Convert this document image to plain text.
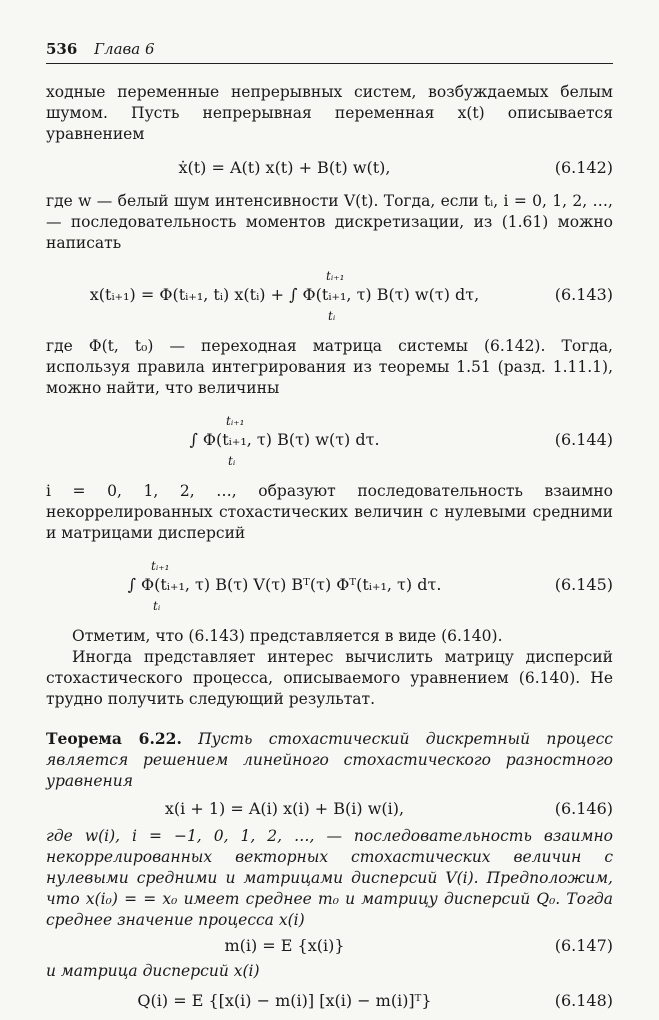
536 Глава 6

ходные переменные непрерывных систем, возбуждаемых белым шумом. Пусть непрерывная переменная x(t) описывается уравнением

ẋ(t) = A(t) x(t) + B(t) w(t),	(6.142)

где w — белый шум интенсивности V(t). Тогда, если tᵢ, i = 0, 1, 2, …, — последовательность моментов дискретизации, из (1.61) можно написать

tᵢ₊₁
tᵢ
x(tᵢ₊₁) = Φ(tᵢ₊₁, tᵢ) x(tᵢ) + ∫ Φ(tᵢ₊₁, τ) B(τ) w(τ) dτ,	(6.143)

где Φ(t, t₀) — переходная матрица системы (6.142). Тогда, используя правила интегрирования из теоремы 1.51 (разд. 1.11.1), можно найти, что величины

tᵢ₊₁
tᵢ
∫ Φ(tᵢ₊₁, τ) B(τ) w(τ) dτ.	(6.144)

i = 0, 1, 2, …, образуют последовательность взаимно некоррелированных стохастических величин с нулевыми средними и матрицами дисперсий

tᵢ₊₁
tᵢ
∫ Φ(tᵢ₊₁, τ) B(τ) V(τ) Bᵀ(τ) Φᵀ(tᵢ₊₁, τ) dτ.	(6.145)

Отметим, что (6.143) представляется в виде (6.140).

Иногда представляет интерес вычислить матрицу дисперсий стохастического процесса, описываемого уравнением (6.140). Не трудно получить следующий результат.

Теорема 6.22. Пусть стохастический дискретный процесс является решением линейного стохастического разностного уравнения

x(i + 1) = A(i) x(i) + B(i) w(i),	(6.146)

где w(i), i = −1, 0, 1, 2, …, — последовательность взаимно некоррелированных векторных стохастических величин с нулевыми средними и матрицами дисперсий V(i). Предположим, что x(i₀) = = x₀ имеет среднее m₀ и матрицу дисперсий Q₀. Тогда среднее значение процесса x(i)

m(i) = E {x(i)}	(6.147)

и матрица дисперсий x(i)

Q(i) = E {[x(i) − m(i)] [x(i) − m(i)]ᵀ}	(6.148)
